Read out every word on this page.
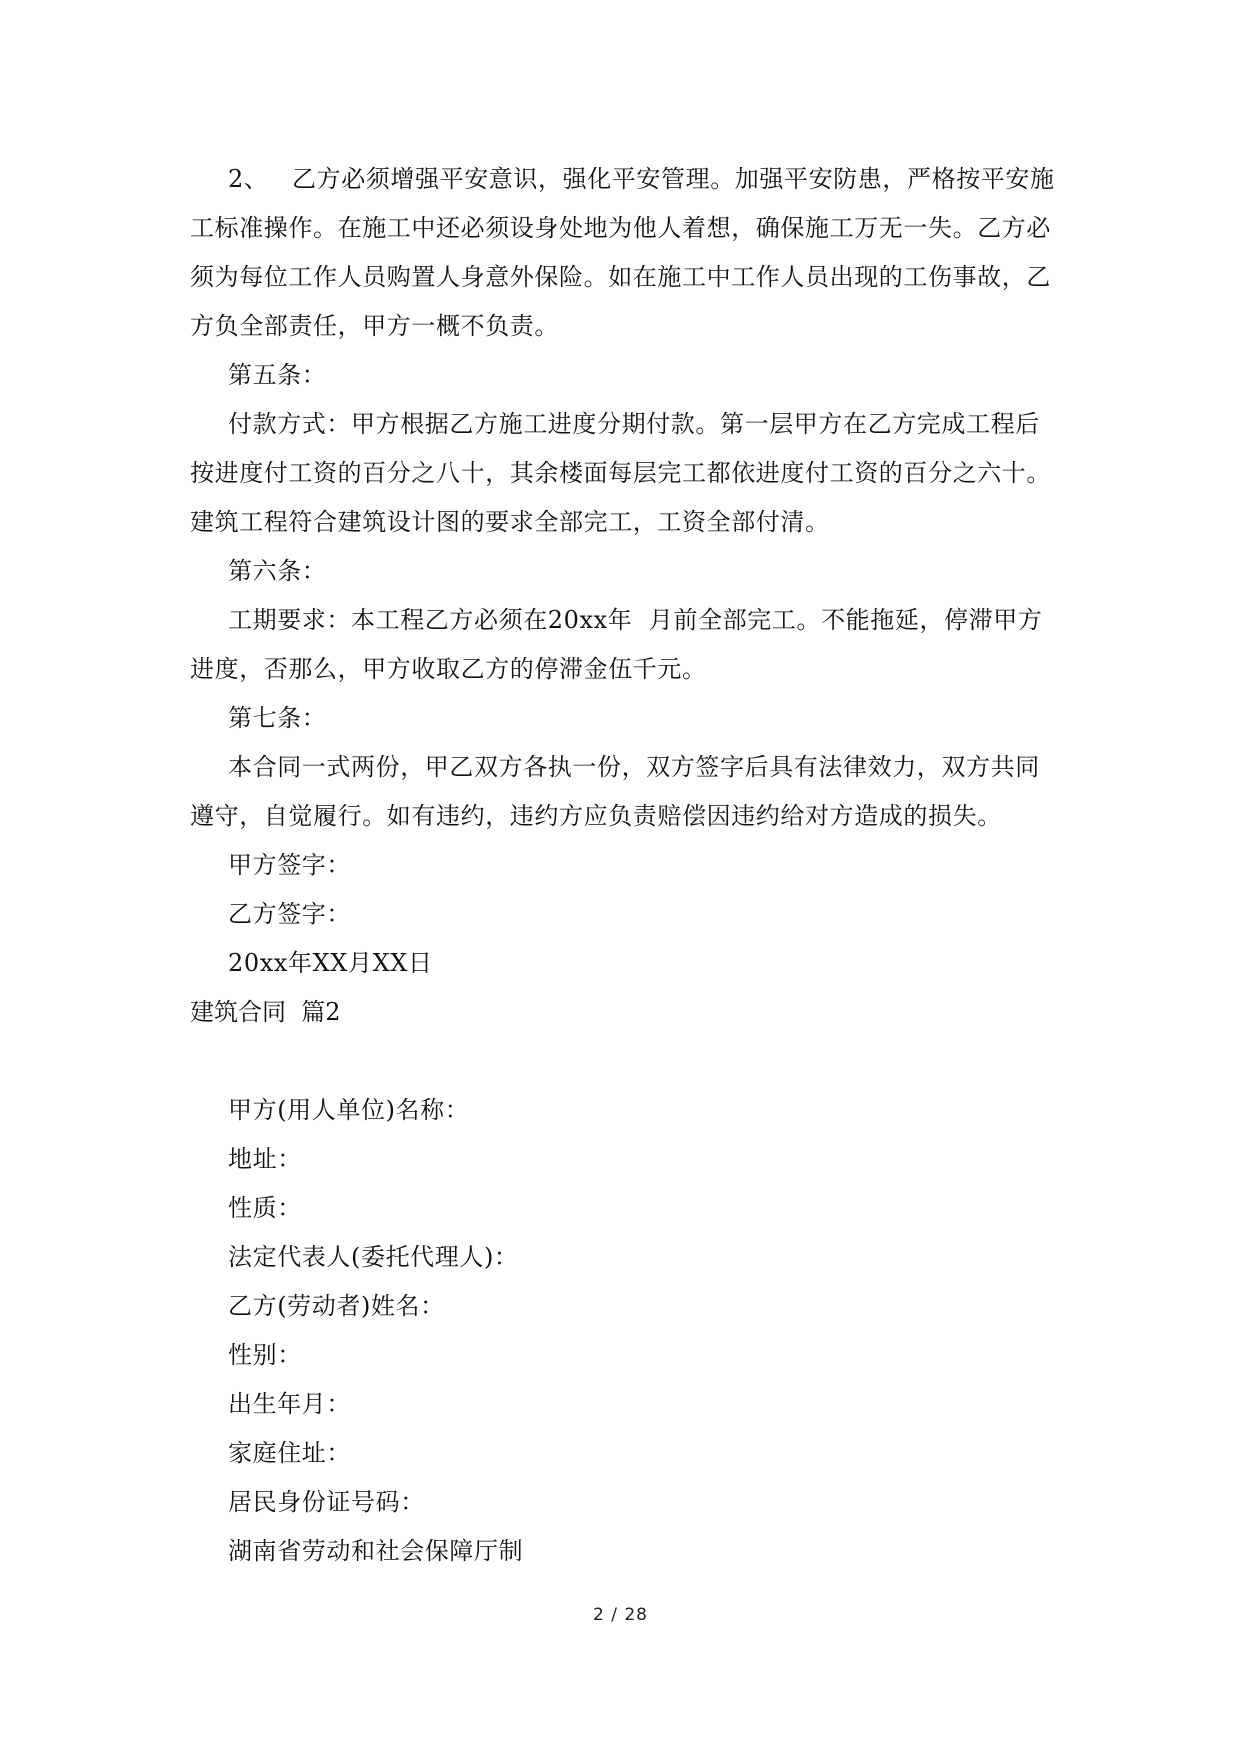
2、 乙方必须增强平安意识，强化平安管理。加强平安防患，严格按平安施
工标准操作。在施工中还必须设身处地为他人着想，确保施工万无一失。乙方必
须为每位工作人员购置人身意外保险。如在施工中工作人员出现的工伤事故，乙
方负全部责任，甲方一概不负责。
第五条：
付款方式：甲方根据乙方施工进度分期付款。第一层甲方在乙方完成工程后
按进度付工资的百分之八十，其余楼面每层完工都依进度付工资的百分之六十。
建筑工程符合建筑设计图的要求全部完工，工资全部付清。
第六条：
工期要求：本工程乙方必须在20xx年  月前全部完工。不能拖延，停滞甲方
进度，否那么，甲方收取乙方的停滞金伍千元。
第七条：
本合同一式两份，甲乙双方各执一份，双方签字后具有法律效力，双方共同
遵守，自觉履行。如有违约，违约方应负责赔偿因违约给对方造成的损失。
甲方签字：
乙方签字：
20xx年XX月XX日
建筑合同  篇2
甲方(用人单位)名称：
地址：
性质：
法定代表人(委托代理人)：
乙方(劳动者)姓名：
性别：
出生年月：
家庭住址：
居民身份证号码：
湖南省劳动和社会保障厅制
2 / 28
